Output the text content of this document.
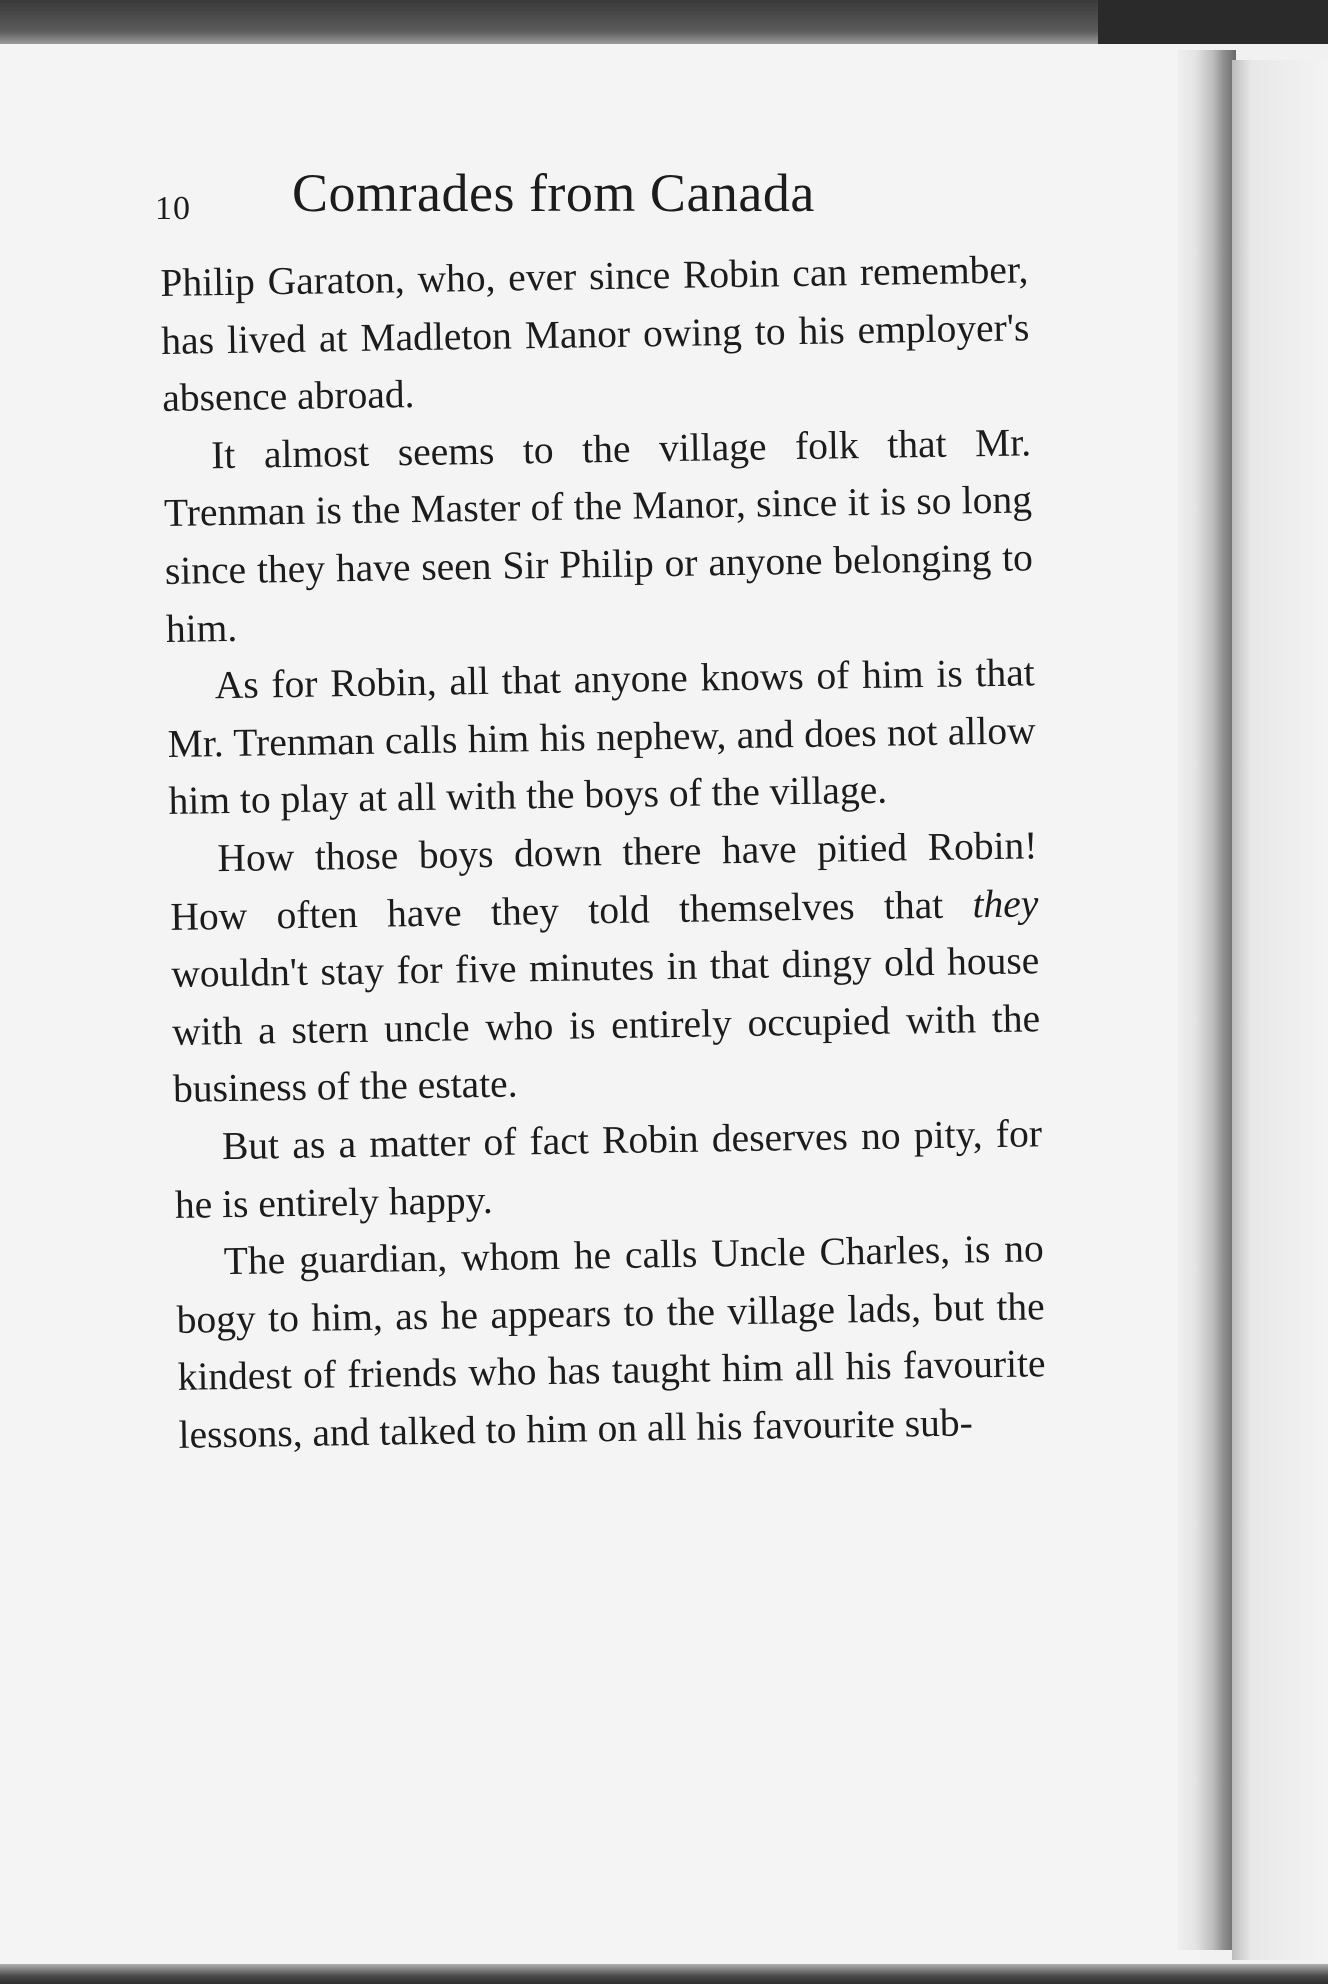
10 Comrades from Canada

Philip Garaton, who, ever since Robin can remember, has lived at Madleton Manor owing to his employer's absence abroad.

It almost seems to the village folk that Mr. Trenman is the Master of the Manor, since it is so long since they have seen Sir Philip or anyone belonging to him.

As for Robin, all that anyone knows of him is that Mr. Trenman calls him his nephew, and does not allow him to play at all with the boys of the village.

How those boys down there have pitied Robin! How often have they told themselves that they wouldn't stay for five minutes in that dingy old house with a stern uncle who is entirely occupied with the business of the estate.

But as a matter of fact Robin deserves no pity, for he is entirely happy.

The guardian, whom he calls Uncle Charles, is no bogy to him, as he appears to the village lads, but the kindest of friends who has taught him all his favourite lessons, and talked to him on all his favourite sub-
